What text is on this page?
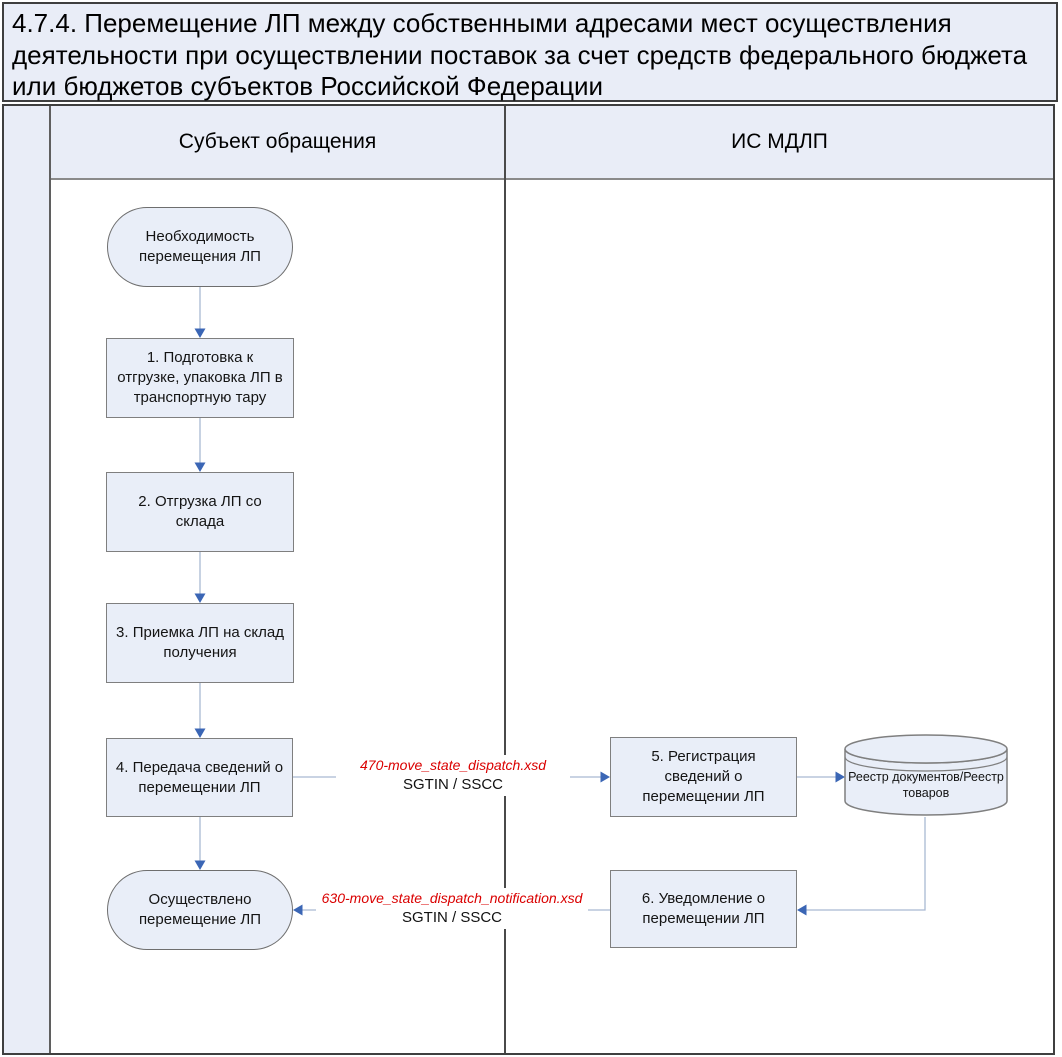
4.7.4. Перемещение ЛП между собственными адресами мест осуществления деятельности при осуществлении поставок за счет средств федерального бюджета или бюджетов субъектов Российской Федерации
Субъект обращения	ИС МДЛП
Необходимость перемещения ЛП
1. Подготовка к отгрузке, упаковка ЛП в транспортную тару
2. Отгрузка ЛП со склада
3. Приемка ЛП на склад получения
4. Передача сведений о перемещении ЛП
5. Регистрация сведений о перемещении ЛП
6. Уведомление о перемещении ЛП
Осуществлено перемещение ЛП
Реестр документов/Реестр товаров
470-move_state_dispatch.xsd
SGTIN / SSCC
630-move_state_dispatch_notification.xsd
SGTIN / SSCC
